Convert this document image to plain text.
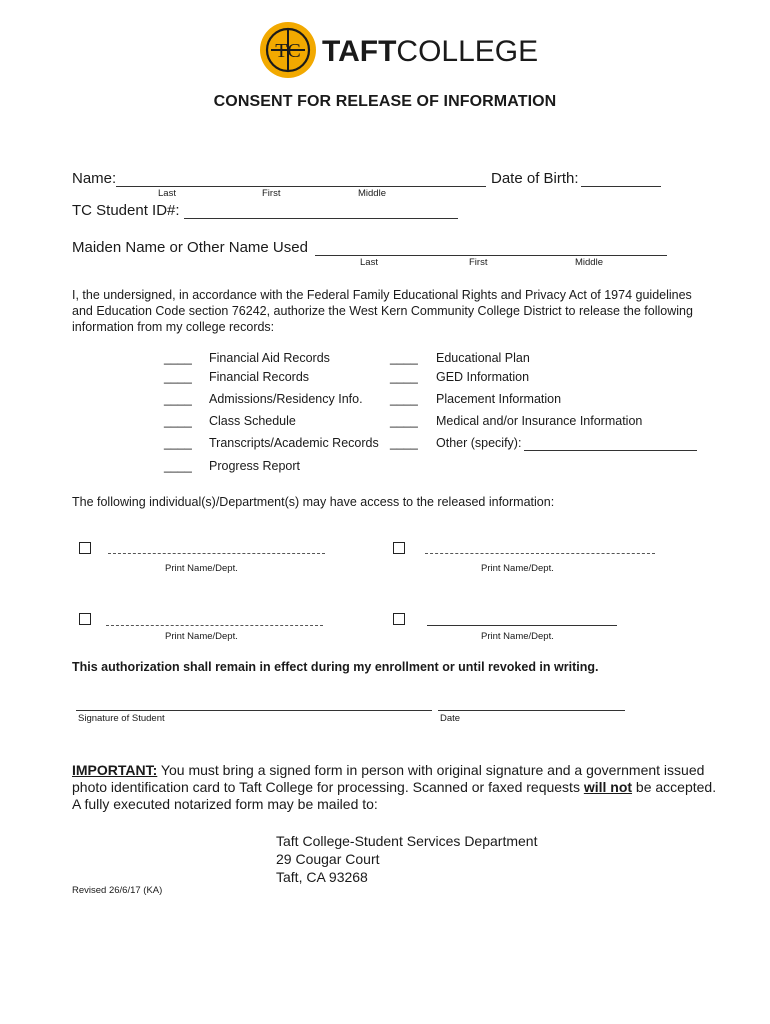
TC TAFTCOLLEGE
CONSENT FOR RELEASE OF INFORMATION
Name:
Last	First	Middle
Date of Birth:
TC Student ID#:
Maiden Name or Other Name Used
Last	First	Middle
I, the undersigned, in accordance with the Federal Family Educational Rights and Privacy Act of 1974 guidelines and Education Code section 76242, authorize the West Kern Community College District to release the following information from my college records:
____ Financial Aid Records
____ Financial Records
____ Admissions/Residency Info.
____ Class Schedule
____ Transcripts/Academic Records
____ Progress Report
____ Educational Plan
____ GED Information
____ Placement Information
____ Medical and/or Insurance Information
____ Other (specify):
The following individual(s)/Department(s) may have access to the released information:
Print Name/Dept.	Print Name/Dept.
Print Name/Dept.	Print Name/Dept.
This authorization shall remain in effect during my enrollment or until revoked in writing.
Signature of Student	Date
IMPORTANT: You must bring a signed form in person with original signature and a government issued photo identification card to Taft College for processing. Scanned or faxed requests will not be accepted. A fully executed notarized form may be mailed to:
Taft College-Student Services Department
29 Cougar Court
Taft, CA 93268
Revised 26/6/17 (KA)
